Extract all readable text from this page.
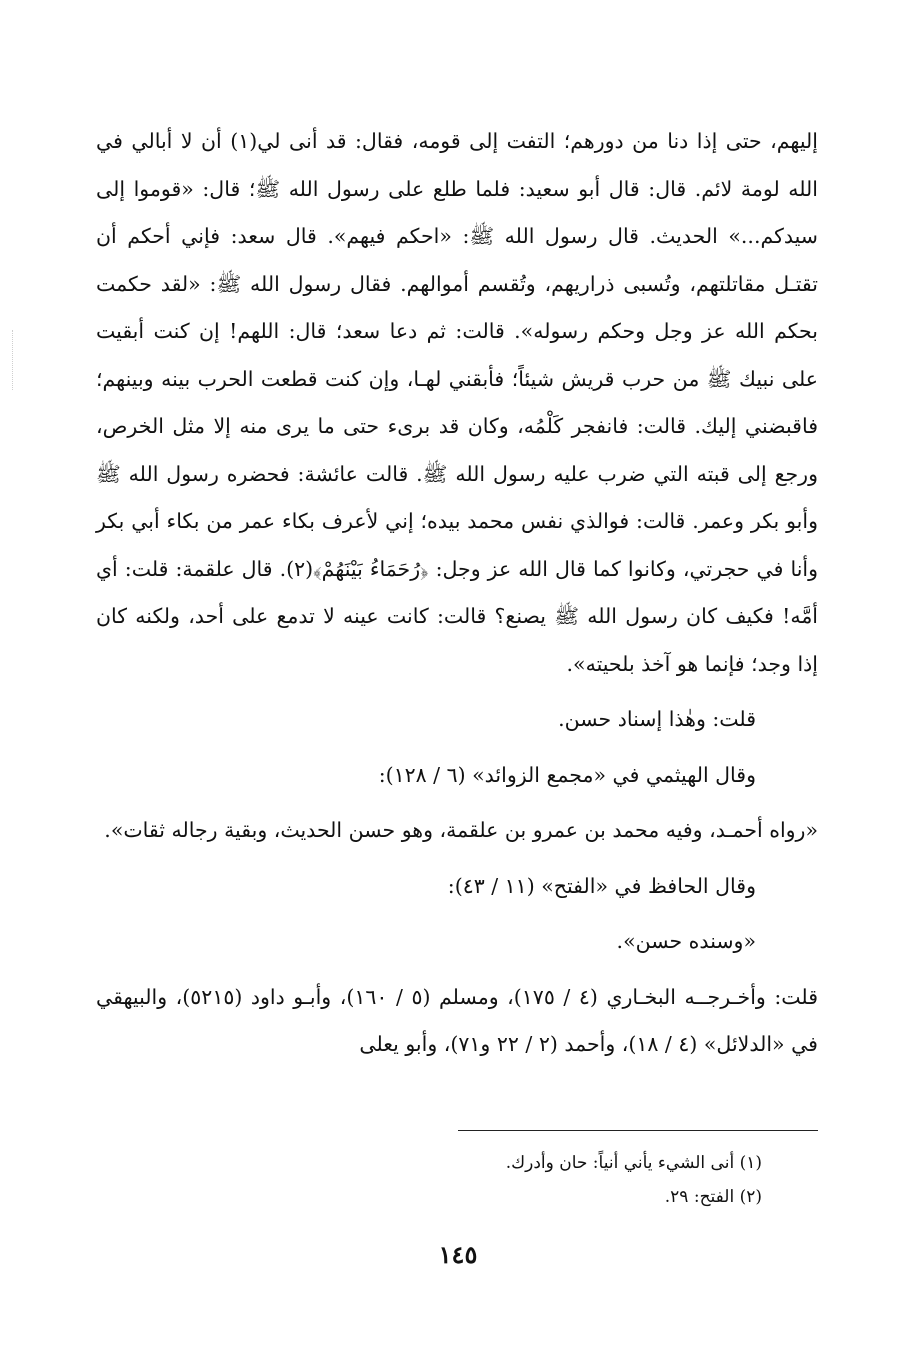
إليهم، حتى إذا دنا من دورهم؛ التفت إلى قومه، فقال: قد أنى لي(١) أن لا أبالي في الله لومة لائم. قال: قال أبو سعيد: فلما طلع على رسول الله ﷺ؛ قال: «قوموا إلى سيدكم...» الحديث. قال رسول الله ﷺ: «احكم فيهم». قال سعد: فإني أحكم أن تقتـل مقاتلتهم، وتُسبى ذراريهم، وتُقسم أموالهم. فقال رسول الله ﷺ: «لقد حكمت بحكم الله عز وجل وحكم رسوله». قالت: ثم دعا سعد؛ قال: اللهم! إن كنت أبقيت على نبيك ﷺ من حرب قريش شيئاً؛ فأبقني لهـا، وإن كنت قطعت الحرب بينه وبينهم؛ فاقبضني إليك. قالت: فانفجر كَلْمُه، وكان قد برىء حتى ما يرى منه إلا مثل الخرص، ورجع إلى قبته التي ضرب عليه رسول الله ﷺ. قالت عائشة: فحضره رسول الله ﷺ وأبو بكر وعمر. قالت: فوالذي نفس محمد بيده؛ إني لأعرف بكاء عمر من بكاء أبي بكر وأنا في حجرتي، وكانوا كما قال الله عز وجل: ﴿رُحَمَاءُ بَيْنَهُمْ﴾(٢). قال علقمة: قلت: أي أمَّه! فكيف كان رسول الله ﷺ يصنع؟ قالت: كانت عينه لا تدمع على أحد، ولكنه كان إذا وجد؛ فإنما هو آخذ بلحيته».

قلت: وهٰذا إسناد حسن.

وقال الهيثمي في «مجمع الزوائد» (٦ / ١٢٨):

«رواه أحمـد، وفيه محمد بن عمرو بن علقمة، وهو حسن الحديث، وبقية رجاله ثقات».

وقال الحافظ في «الفتح» (١١ / ٤٣):

«وسنده حسن».

قلت: وأخـرجــه البخـاري (٤ / ١٧٥)، ومسلم (٥ / ١٦٠)، وأبـو داود (٥٢١٥)، والبيهقي في «الدلائل» (٤ / ١٨)، وأحمد (٢ / ٢٢ و٧١)، وأبو يعلى

(١) أنى الشيء يأني أنياً: حان وأدرك.

(٢) الفتح: ٢٩.

١٤٥
